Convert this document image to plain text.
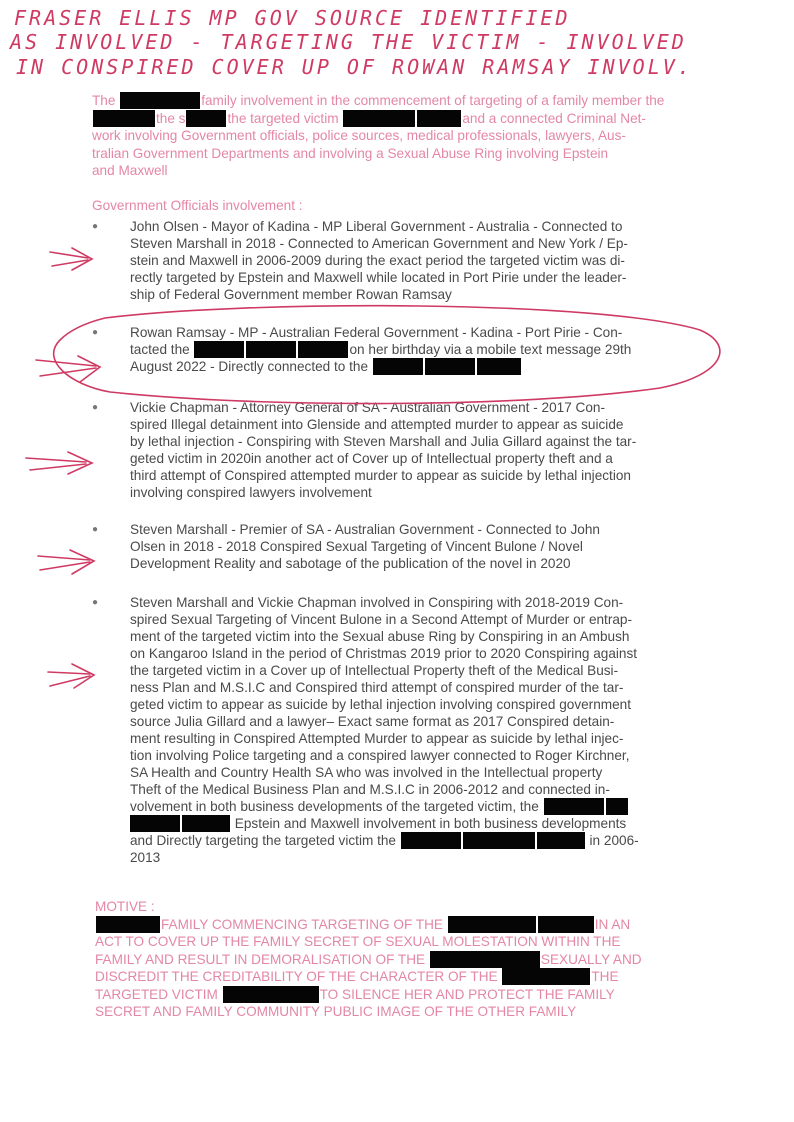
FRASER ELLIS MP GOV SOURCE IDENTIFIED
AS INVOLVED - TARGETING THE VICTIM - INVOLVED
IN CONSPIRED COVER UP OF ROWAN RAMSAY INVOLV.
The	family involvement in the commencement of targeting of a family member the
the s	the targeted victim	and a connected Criminal Net-
work involving Government officials, police sources, medical professionals, lawyers, Aus-
tralian Government Departments and involving a Sexual Abuse Ring involving Epstein
and Maxwell
Government Officials involvement :
●	John Olsen - Mayor of Kadina - MP Liberal Government - Australia - Connected to
Steven Marshall in 2018 - Connected to American Government and New York / Ep-
stein and Maxwell in 2006-2009 during the exact period the targeted victim was di-
rectly targeted by Epstein and Maxwell while located in Port Pirie under the leader-
ship of Federal Government member Rowan Ramsay
●	Rowan Ramsay - MP - Australian Federal Government - Kadina - Port Pirie - Con-
tacted the	on her birthday via a mobile text message 29th
August 2022 - Directly connected to the
●	Vickie Chapman - Attorney General of SA - Australian Government - 2017 Con-
spired Illegal detainment into Glenside and attempted murder to appear as suicide
by lethal injection - Conspiring with Steven Marshall and Julia Gillard against the tar-
geted victim in 2020in another act of Cover up of Intellectual property theft and a
third attempt of Conspired attempted murder to appear as suicide by lethal injection
involving conspired lawyers involvement
●	Steven Marshall - Premier of SA - Australian Government - Connected to John
Olsen in 2018 - 2018 Conspired Sexual Targeting of Vincent Bulone / Novel
Development Reality and sabotage of the publication of the novel in 2020
●	Steven Marshall and Vickie Chapman involved in Conspiring with 2018-2019 Con-
spired Sexual Targeting of Vincent Bulone in a Second Attempt of Murder or entrap-
ment of the targeted victim into the Sexual abuse Ring by Conspiring in an Ambush
on Kangaroo Island in the period of Christmas 2019 prior to 2020 Conspiring against
the targeted victim in a Cover up of Intellectual Property theft of the Medical Busi-
ness Plan and M.S.I.C and Conspired third attempt of conspired murder of the tar-
geted victim to appear as suicide by lethal injection involving conspired government
source Julia Gillard and a lawyer– Exact same format as 2017 Conspired detain-
ment resulting in Conspired Attempted Murder to appear as suicide by lethal injec-
tion involving Police targeting and a conspired lawyer connected to Roger Kirchner,
SA Health and Country Health SA who was involved in the Intellectual property
Theft of the Medical Business Plan and M.S.I.C in 2006-2012 and connected in-
volvement in both business developments of the targeted victim, the
Epstein and Maxwell involvement in both business developments
and Directly targeting the targeted victim the	in 2006-
2013
MOTIVE :
FAMILY COMMENCING TARGETING OF THE	IN AN
ACT TO COVER UP THE FAMILY SECRET OF SEXUAL MOLESTATION WITHIN THE
FAMILY AND RESULT IN DEMORALISATION OF THE	SEXUALLY AND
DISCREDIT THE CREDITABILITY OF THE CHARACTER OF THE	THE
TARGETED VICTIM	TO SILENCE HER AND PROTECT THE FAMILY
SECRET AND FAMILY COMMUNITY PUBLIC IMAGE OF THE OTHER FAMILY
